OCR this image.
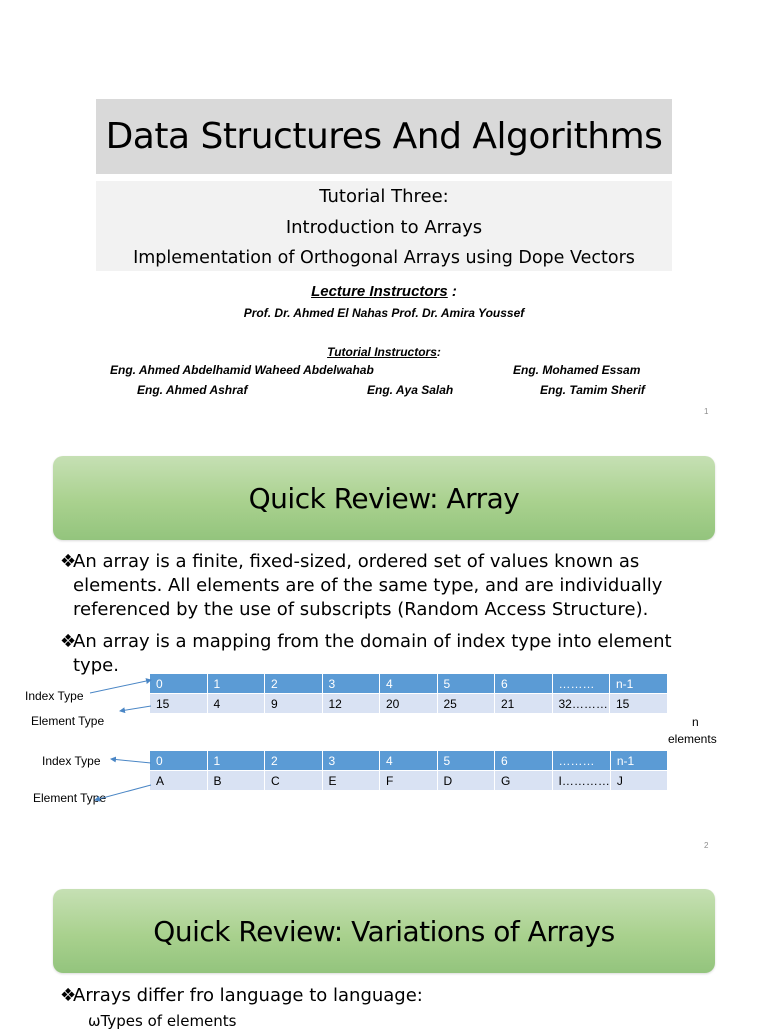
Data Structures And Algorithms
Tutorial Three:
Introduction to Arrays
Implementation of Orthogonal Arrays using Dope Vectors
Lecture Instructors :
Prof. Dr. Ahmed El Nahas Prof. Dr. Amira Youssef
Tutorial Instructors:
Eng. Ahmed Abdelhamid Waheed Abdelwahab	Eng. Mohamed Essam
Eng. Ahmed Ashraf	Eng. Aya Salah	Eng. Tamim Sherif
1
Quick Review: Array
❖
An array is a finite, fixed-sized, ordered set of values known as elements. All elements are of the same type, and are individually referenced by the use of subscripts (Random Access Structure).
❖
An array is a mapping from the domain of index type into element type.
0	1	2	3	4	5	6	………	n-1
15	4	9	12	20	25	21	32………	15
0	1	2	3	4	5	6	………	n-1
A	B	C	E	F	D	G	I…………	J
Index Type
Element Type
Index Type
Element Type
n
elements
2
Quick Review: Variations of Arrays
❖
Arrays differ fro language to language:
ωTypes of elements
